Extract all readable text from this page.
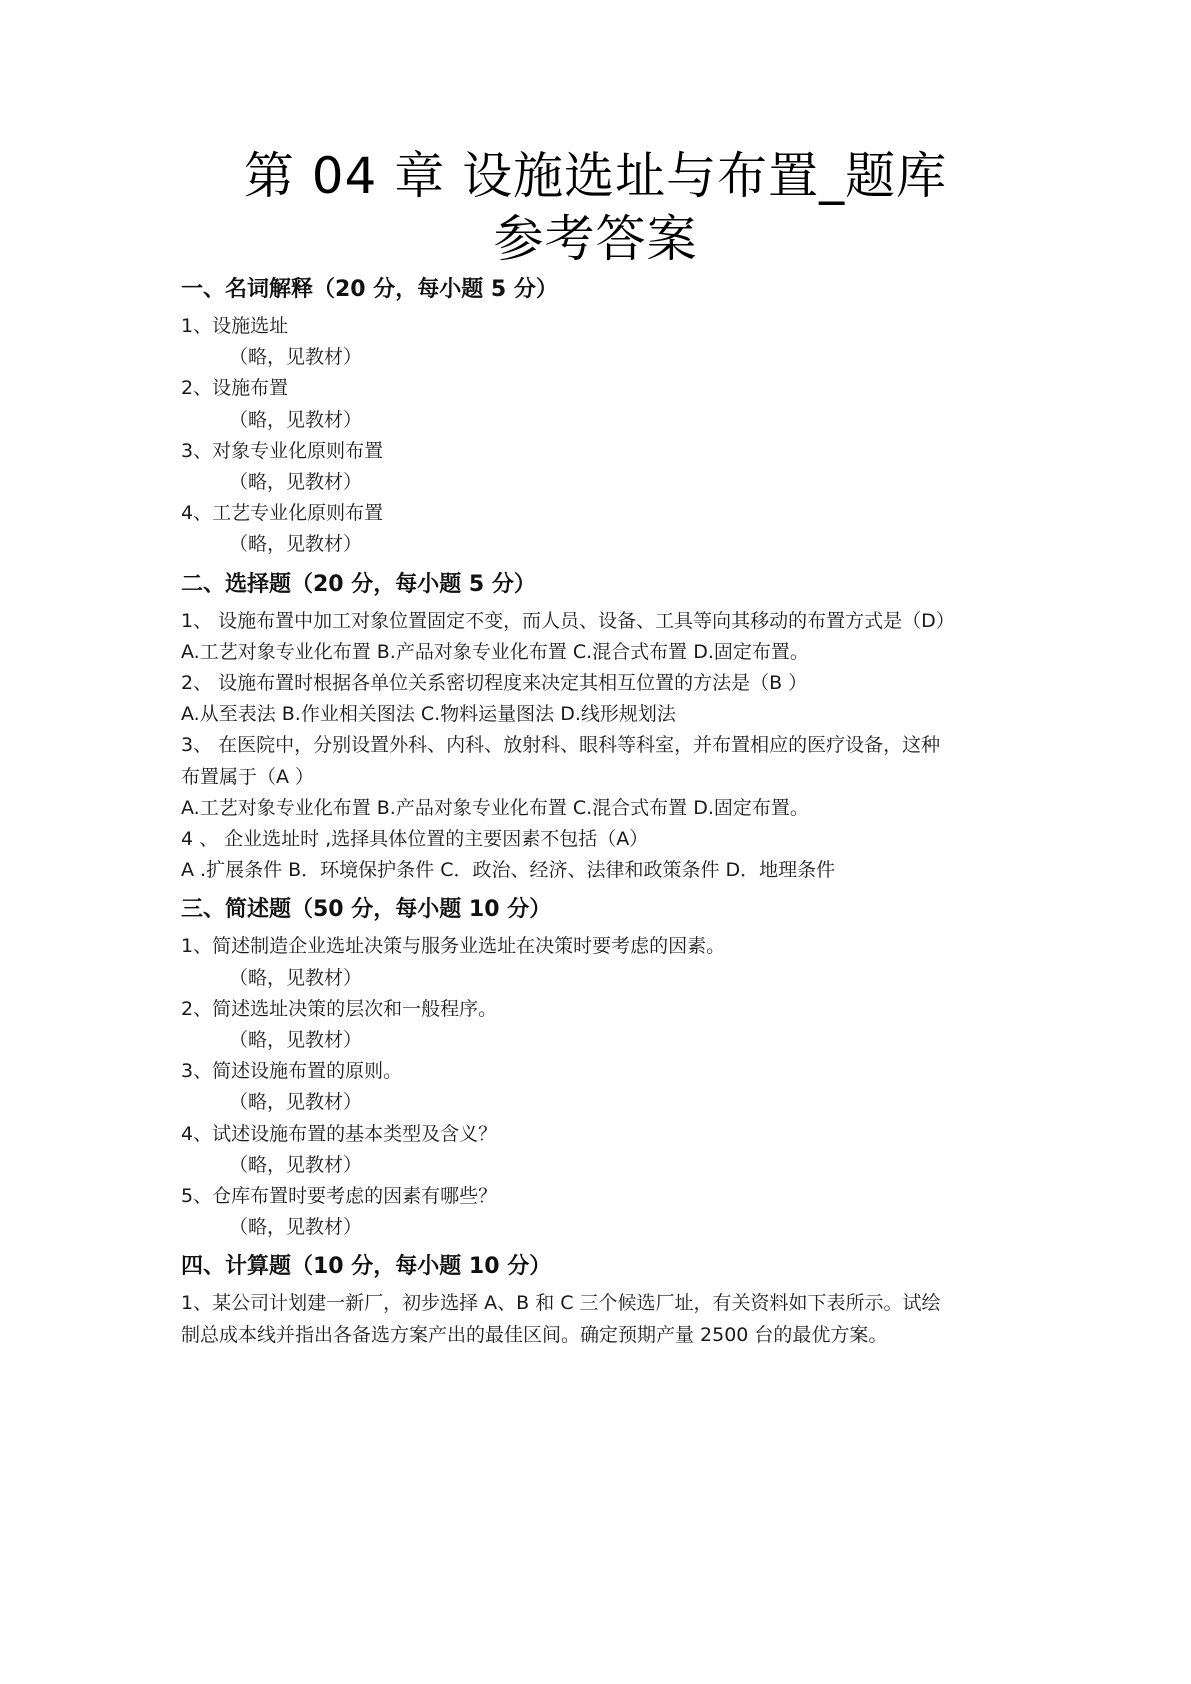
第 04 章 设施选址与布置_题库
参考答案
一、名词解释（20 分，每小题 5 分）
1、设施选址
（略，见教材）
2、设施布置
（略，见教材）
3、对象专业化原则布置
（略，见教材）
4、工艺专业化原则布置
（略，见教材）
二、选择题（20 分，每小题 5 分）
1、 设施布置中加工对象位置固定不变，而人员、设备、工具等向其移动的布置方式是（D）
A.工艺对象专业化布置 B.产品对象专业化布置 C.混合式布置 D.固定布置。
2、 设施布置时根据各单位关系密切程度来决定其相互位置的方法是（B ）
A.从至表法 B.作业相关图法 C.物料运量图法 D.线形规划法
3、 在医院中，分别设置外科、内科、放射科、眼科等科室，并布置相应的医疗设备，这种
布置属于（A ）
A.工艺对象专业化布置 B.产品对象专业化布置 C.混合式布置 D.固定布置。
4 、 企业选址时 ,选择具体位置的主要因素不包括（A）
A .扩展条件 B．环境保护条件 C．政治、经济、法律和政策条件 D．地理条件
三、简述题（50 分，每小题 10 分）
1、简述制造企业选址决策与服务业选址在决策时要考虑的因素。
（略，见教材）
2、简述选址决策的层次和一般程序。
（略，见教材）
3、简述设施布置的原则。
（略，见教材）
4、试述设施布置的基本类型及含义？
（略，见教材）
5、仓库布置时要考虑的因素有哪些？
（略，见教材）
四、计算题（10 分，每小题 10 分）
1、某公司计划建一新厂，初步选择 A、B 和 C 三个候选厂址，有关资料如下表所示。试绘
制总成本线并指出各备选方案产出的最佳区间。确定预期产量 2500 台的最优方案。
